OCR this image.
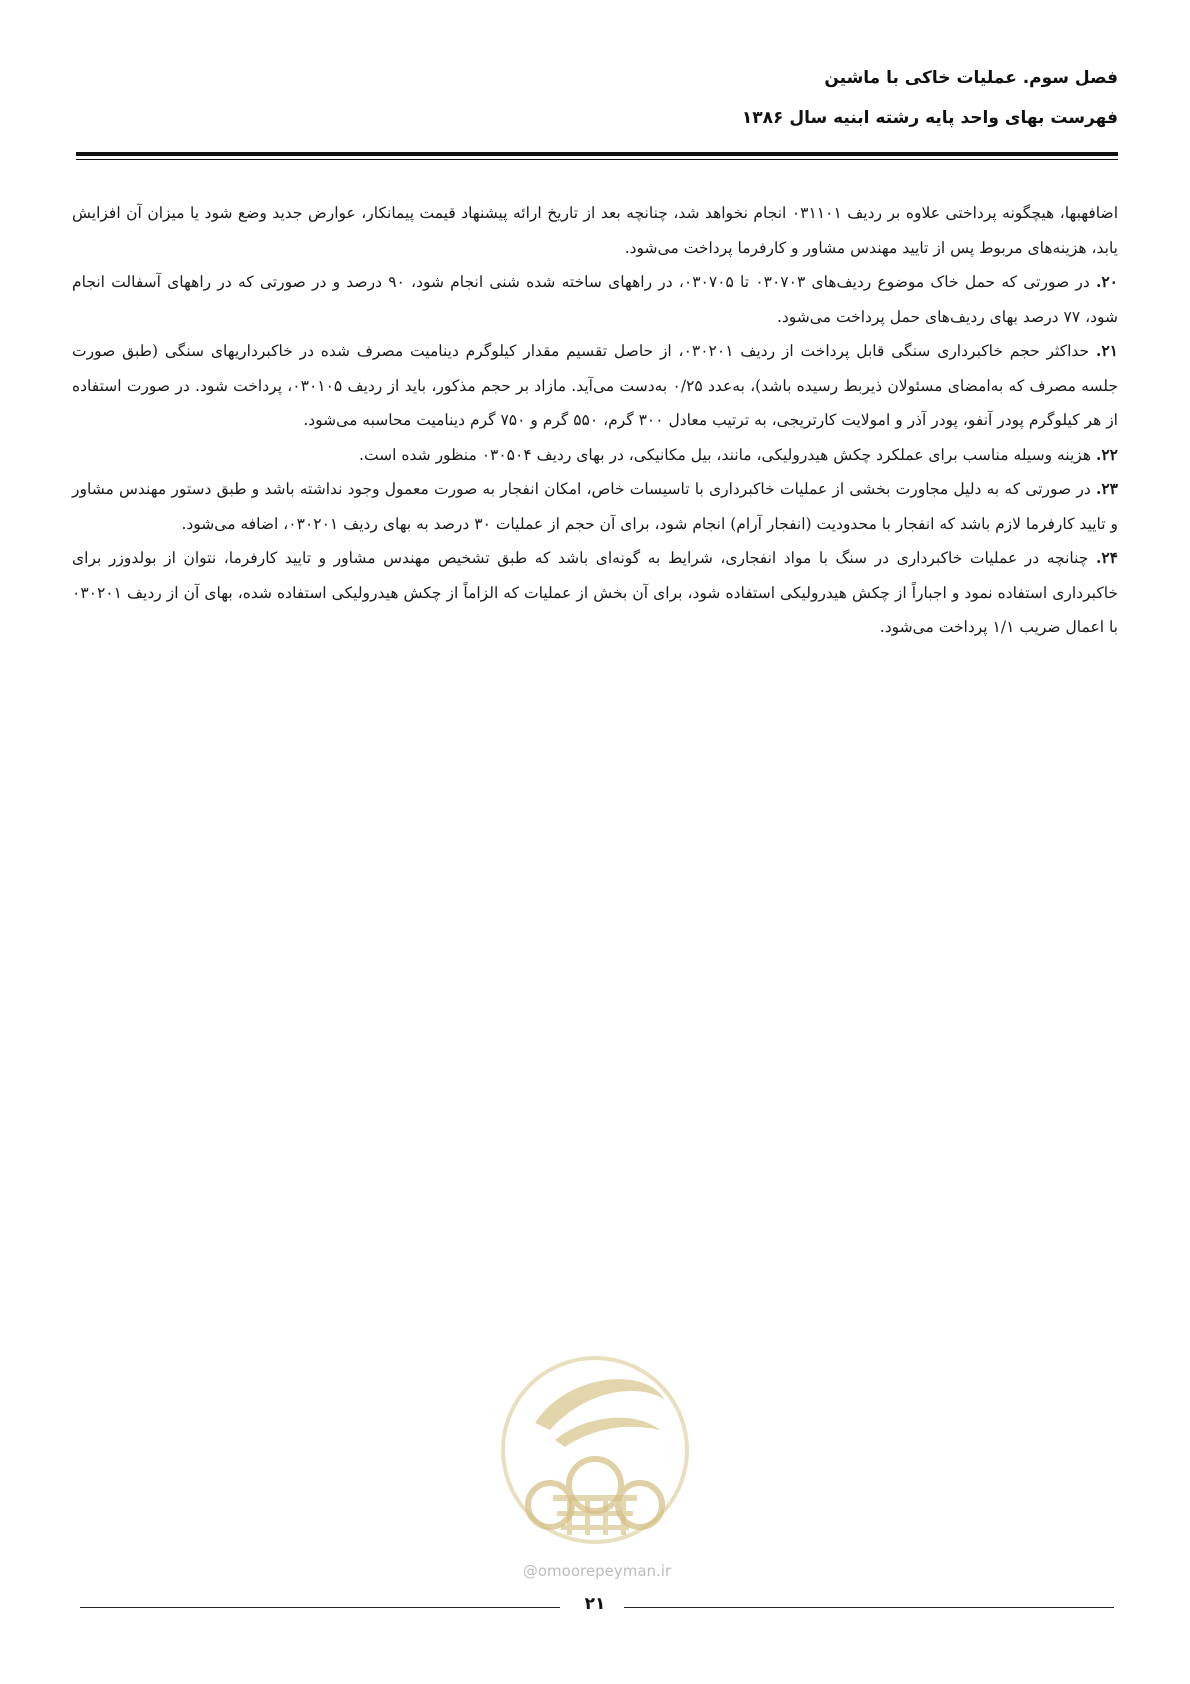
فصل سوم. عملیات خاکی با ماشین
فهرست بهای واحد پایه رشته ابنیه سال ۱۳۸۶

اضافهبها، هیچگونه پرداختی علاوه بر ردیف ۰۳۱۱۰۱ انجام نخواهد شد، چنانچه بعد از تاریخ ارائه پیشنهاد قیمت پیمانکار، عوارض جدید وضع شود یا میزان آن افزایش یابد، هزینه‌های مربوط پس از تایید مهندس مشاور و کارفرما پرداخت می‌شود.

۲۰. در صورتی که حمل خاک موضوع ردیف‌های ۰۳۰۷۰۳ تا ۰۳۰۷۰۵، در راههای ساخته شده شنی انجام شود، ۹۰ درصد و در صورتی که در راههای آسفالت انجام شود، ۷۷ درصد بهای ردیف‌های حمل پرداخت می‌شود.

۲۱. حداکثر حجم خاکبرداری سنگی قابل پرداخت از ردیف ۰۳۰۲۰۱، از حاصل تقسیم مقدار کیلوگرم دینامیت مصرف شده در خاکبرداریهای سنگی (طبق صورت جلسه مصرف که به‌امضای مسئولان ذیربط رسیده باشد)، به‌عدد ۰/۲۵ به‌دست می‌آید. مازاد بر حجم مذکور، باید از ردیف ۰۳۰۱۰۵، پرداخت شود. در صورت استفاده از هر کیلوگرم پودر آنفو، پودر آذر و امولایت کارتریجی، به ترتیب معادل ۳۰۰ گرم، ۵۵۰ گرم و ۷۵۰ گرم دینامیت محاسبه می‌شود.

۲۲. هزینه وسیله مناسب برای عملکرد چکش هیدرولیکی، مانند، بیل مکانیکی، در بهای ردیف ۰۳۰۵۰۴ منظور شده است.

۲۳. در صورتی که به دلیل مجاورت بخشی از عملیات خاکبرداری با تاسیسات خاص، امکان انفجار به صورت معمول وجود نداشته باشد و طبق دستور مهندس مشاور و تایید کارفرما لازم باشد که انفجار با محدودیت (انفجار آرام) انجام شود، برای آن حجم از عملیات ۳۰ درصد به بهای ردیف ۰۳۰۲۰۱، اضافه می‌شود.

۲۴. چنانچه در عملیات خاکبرداری در سنگ با مواد انفجاری، شرایط به گونه‌ای باشد که طبق تشخیص مهندس مشاور و تایید کارفرما، نتوان از بولدوزر برای خاکبرداری استفاده نمود و اجباراً از چکش هیدرولیکی استفاده شود، برای آن بخش از عملیات که الزاماً از چکش هیدرولیکی استفاده شده، بهای آن از ردیف ۰۳۰۲۰۱ با اعمال ضریب ۱/۱ پرداخت می‌شود.

@omoorepeyman.ir
۲۱
